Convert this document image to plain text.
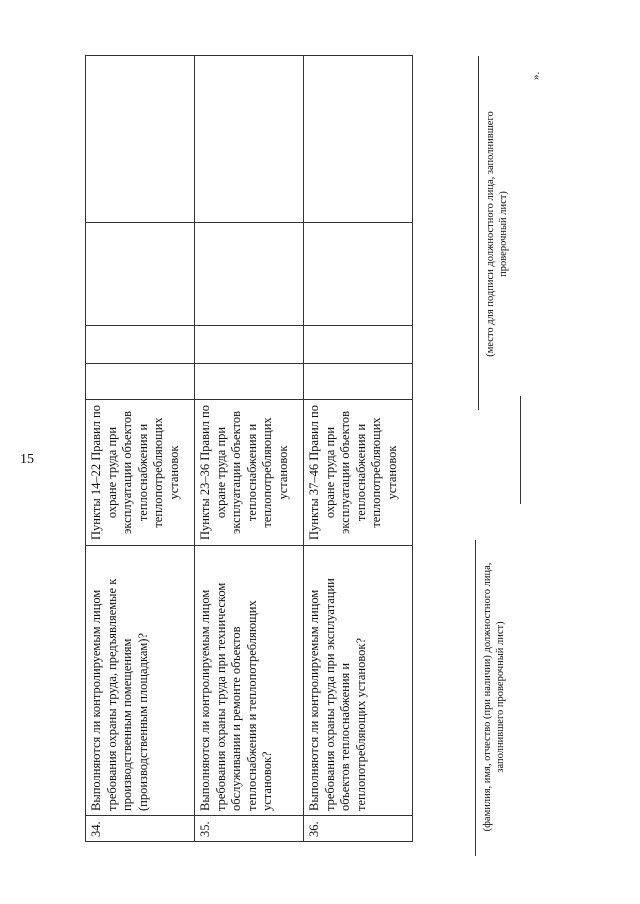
15
34.	Выполняются ли контролируемым лицом требования охраны труда, предъявляемые к производственным помещениям (производственным площадкам)?	Пункты 14–22 Правил по охране труда при эксплуатации объектов теплоснабжения и теплопотребляющих установок				
35.	Выполняются ли контролируемым лицом требования охраны труда при техническом обслуживании и ремонте объектов теплоснабжения и теплопотребляющих установок?	Пункты 23–36 Правил по охране труда при эксплуатации объектов теплоснабжения и теплопотребляющих установок				
36.	Выполняются ли контролируемым лицом требования охраны труда при эксплуатации объектов теплоснабжения и теплопотребляющих установок?	Пункты 37–46 Правил по охране труда при эксплуатации объектов теплоснабжения и теплопотребляющих установок				
(фамилия, имя, отчество (при наличии) должностного лица, заполнившего проверочный лист)
(место для подписи должностного лица, заполнившего проверочный лист)
».
